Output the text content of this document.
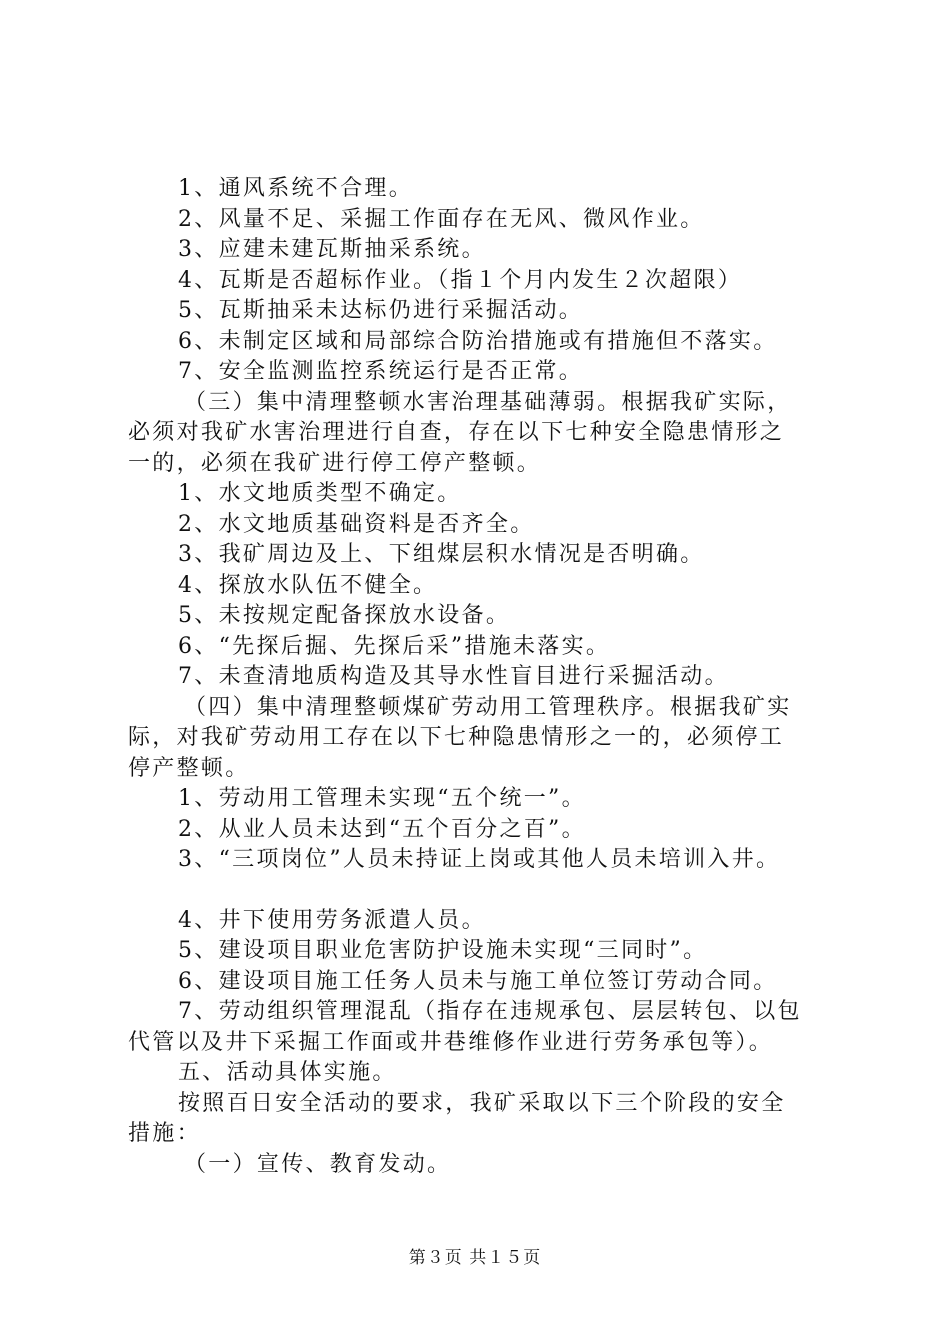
1、通风系统不合理。
2、风量不足、采掘工作面存在无风、微风作业。
3、应建未建瓦斯抽采系统。
4、瓦斯是否超标作业。（指１个月内发生２次超限）
5、瓦斯抽采未达标仍进行采掘活动。
6、未制定区域和局部综合防治措施或有措施但不落实。
7、安全监测监控系统运行是否正常。
（三）集中清理整顿水害治理基础薄弱。根据我矿实际，
必须对我矿水害治理进行自查，存在以下七种安全隐患情形之
一的，必须在我矿进行停工停产整顿。
1、水文地质类型不确定。
2、水文地质基础资料是否齐全。
3、我矿周边及上、下组煤层积水情况是否明确。
4、探放水队伍不健全。
5、未按规定配备探放水设备。
6、“先探后掘、先探后采”措施未落实。
7、未查清地质构造及其导水性盲目进行采掘活动。
（四）集中清理整顿煤矿劳动用工管理秩序。根据我矿实
际，对我矿劳动用工存在以下七种隐患情形之一的，必须停工
停产整顿。
1、劳动用工管理未实现“五个统一”。
2、从业人员未达到“五个百分之百”。
3、“三项岗位”人员未持证上岗或其他人员未培训入井。
4、井下使用劳务派遣人员。
5、建设项目职业危害防护设施未实现“三同时”。
6、建设项目施工任务人员未与施工单位签订劳动合同。
7、劳动组织管理混乱（指存在违规承包、层层转包、以包
代管以及井下采掘工作面或井巷维修作业进行劳务承包等）。
五、活动具体实施。
按照百日安全活动的要求，我矿采取以下三个阶段的安全
措施：
（一）宣传、教育发动。
第３页 共１５页
